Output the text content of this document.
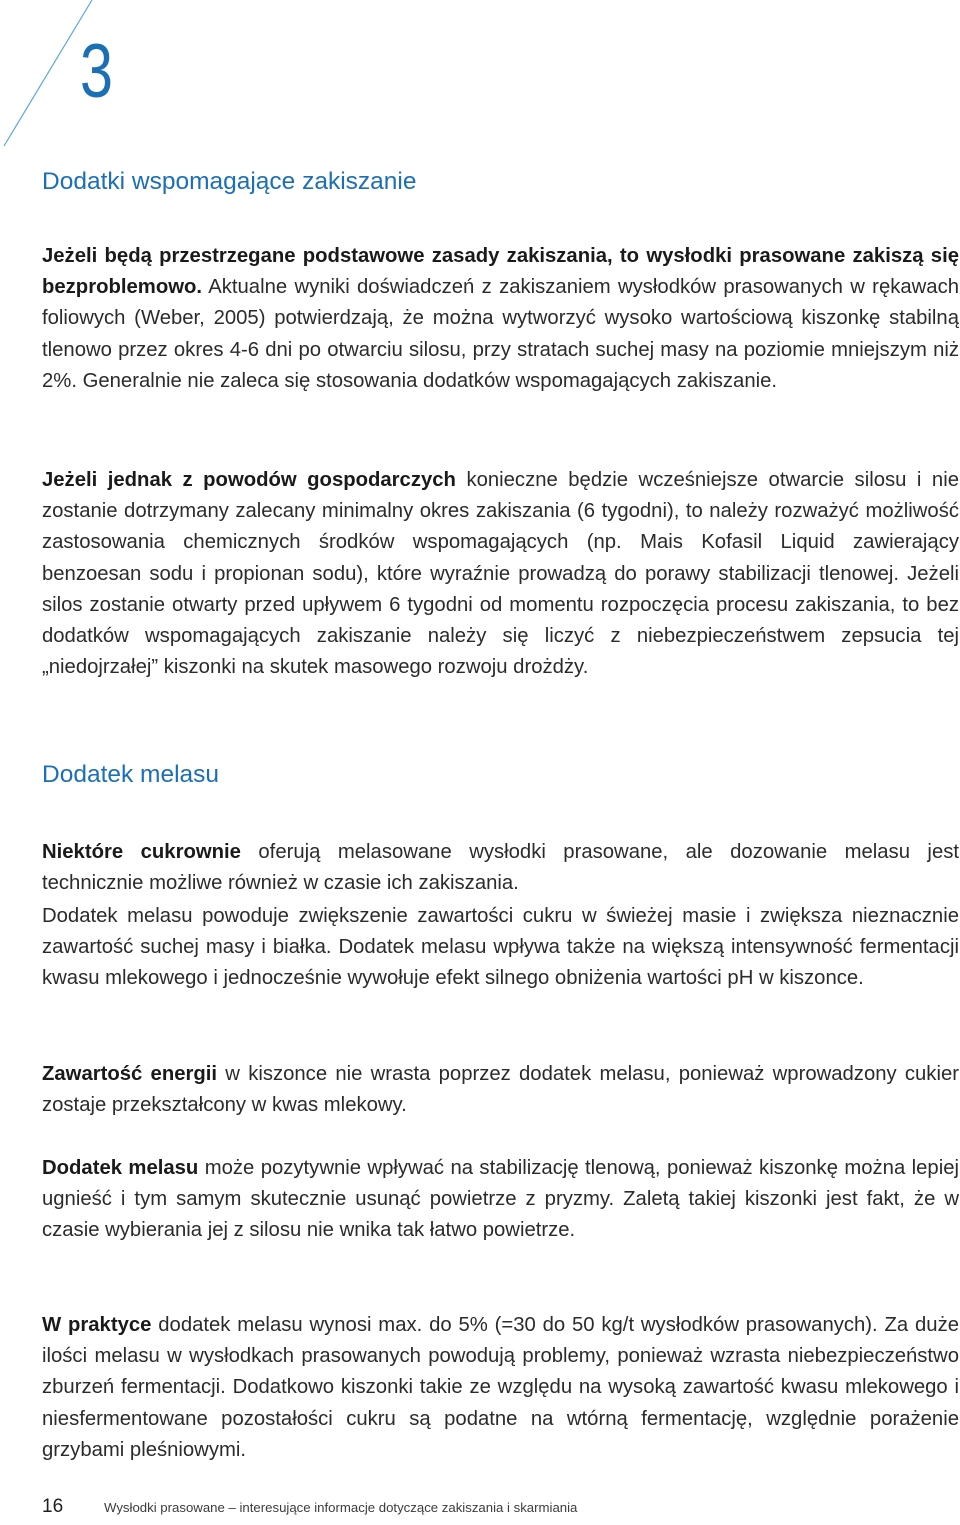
3
Dodatki wspomagające zakiszanie

Jeżeli będą przestrzegane podstawowe zasady zakiszania, to wysłodki prasowane zakiszą się bezproblemowo. Aktualne wyniki doświadczeń z zakiszaniem wysłodków prasowanych w rękawach foliowych (Weber, 2005) potwierdzają, że można wytworzyć wysoko wartościową kiszonkę stabilną tlenowo przez okres 4-6 dni po otwarciu silosu, przy stratach suchej masy na poziomie mniejszym niż 2%. Generalnie nie zaleca się stosowania dodatków wspomagających zakiszanie.

Jeżeli jednak z powodów gospodarczych konieczne będzie wcześniejsze otwarcie silosu i nie zostanie dotrzymany zalecany minimalny okres zakiszania (6 tygodni), to należy rozważyć możliwość zastosowania chemicznych środków wspomagających (np. Mais Kofasil Liquid zawierający benzoesan sodu i propionan sodu), które wyraźnie prowadzą do porawy stabilizacji tlenowej. Jeżeli silos zostanie otwarty przed upływem 6 tygodni od momentu rozpoczęcia procesu zakiszania, to bez dodatków wspomagających zakiszanie należy się liczyć z niebezpieczeństwem zepsucia tej „niedojrzałej” kiszonki na skutek masowego rozwoju drożdży.

Dodatek melasu

Niektóre cukrownie oferują melasowane wysłodki prasowane, ale dozowanie melasu jest technicznie możliwe również w czasie ich zakiszania.

Dodatek melasu powoduje zwiększenie zawartości cukru w świeżej masie i zwiększa nieznacznie zawartość suchej masy i białka. Dodatek melasu wpływa także na większą intensywność fermentacji kwasu mlekowego i jednocześnie wywołuje efekt silnego obniżenia wartości pH w kiszonce.

Zawartość energii w kiszonce nie wrasta poprzez dodatek melasu, ponieważ wprowadzony cukier zostaje przekształcony w kwas mlekowy.

Dodatek melasu może pozytywnie wpływać na stabilizację tlenową, ponieważ kiszonkę można lepiej ugnieść i tym samym skutecznie usunąć powietrze z pryzmy. Zaletą takiej kiszonki jest fakt, że w czasie wybierania jej z silosu nie wnika tak łatwo powietrze.

W praktyce dodatek melasu wynosi max. do 5% (=30 do 50 kg/t wysłodków prasowanych). Za duże ilości melasu w wysłodkach prasowanych powodują problemy, ponieważ wzrasta niebezpieczeństwo zburzeń fermentacji. Dodatkowo kiszonki takie ze względu na wysoką zawartość kwasu mlekowego i niesfermentowane pozostałości cukru są podatne na wtórną fermentację, względnie porażenie grzybami pleśniowymi.

16	Wysłodki prasowane – interesujące informacje dotyczące zakiszania i skarmiania
